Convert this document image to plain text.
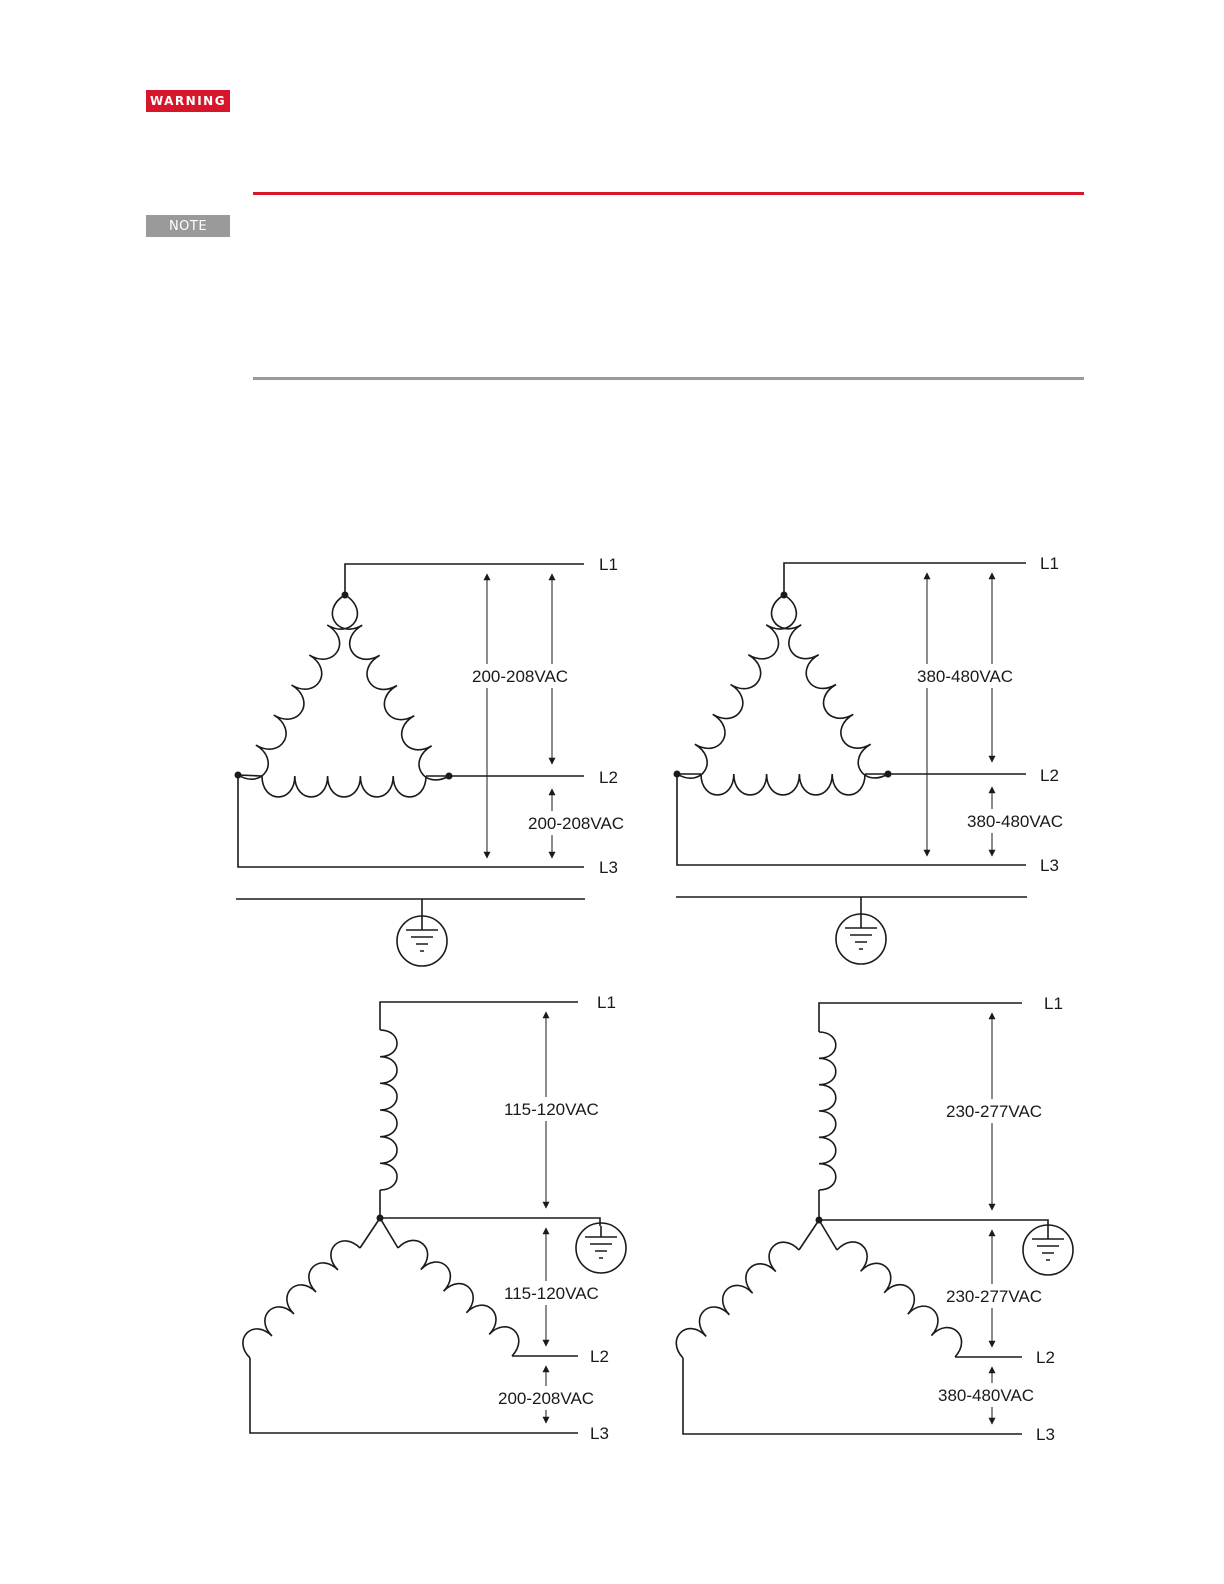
WARNING
NOTE
L1
L2
L3
200-208VAC
200-208VAC
L1
L2
L3
380-480VAC
380-480VAC
L1
L2
L3
115-120VAC
115-120VAC
200-208VAC
L1
L2
L3
230-277VAC
230-277VAC
380-480VAC
